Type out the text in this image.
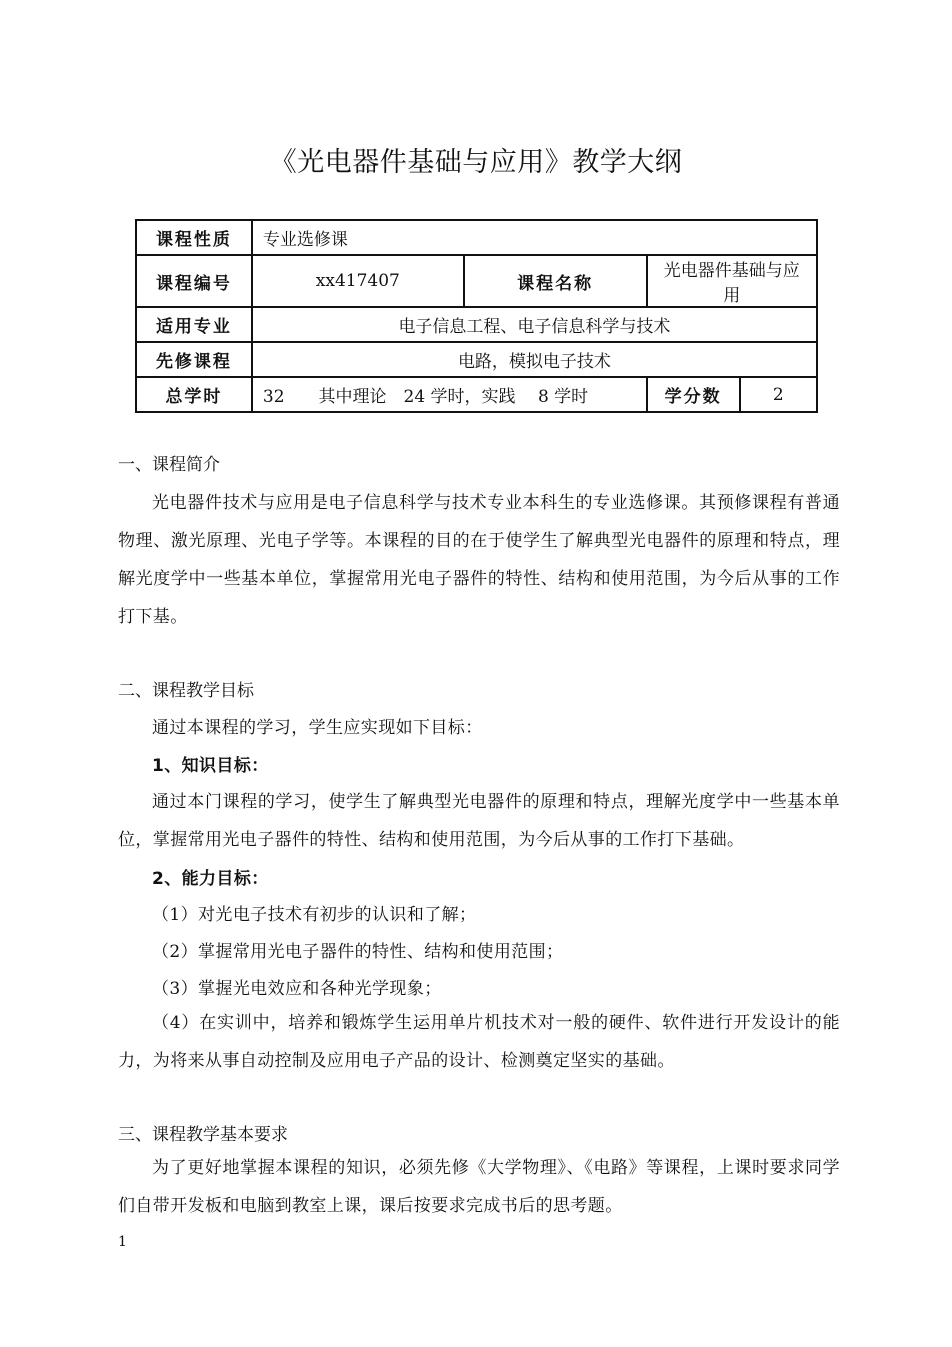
《光电器件基础与应用》教学大纲
课程性质	专业选修课			
课程编号	xx417407	课程名称	光电器件基础与应用	
适用专业	电子信息工程、电子信息科学与技术			
先修课程	电路，模拟电子技术			
总学时	32　　其中理论　24 学时，实践　 8 学时		学分数	2
一、课程简介
光电器件技术与应用是电子信息科学与技术专业本科生的专业选修课。其预修课程有普通物理、激光原理、光电子学等。本课程的目的在于使学生了解典型光电器件的原理和特点，理解光度学中一些基本单位，掌握常用光电子器件的特性、结构和使用范围，为今后从事的工作打下基。
二、课程教学目标
通过本课程的学习，学生应实现如下目标：
1、知识目标：
通过本门课程的学习，使学生了解典型光电器件的原理和特点，理解光度学中一些基本单位，掌握常用光电子器件的特性、结构和使用范围，为今后从事的工作打下基础。
2、能力目标：
（1）对光电子技术有初步的认识和了解；
（2）掌握常用光电子器件的特性、结构和使用范围；
（3）掌握光电效应和各种光学现象；
（4）在实训中，培养和锻炼学生运用单片机技术对一般的硬件、软件进行开发设计的能力，为将来从事自动控制及应用电子产品的设计、检测奠定坚实的基础。
三、课程教学基本要求
为了更好地掌握本课程的知识，必须先修《大学物理》、《电路》等课程，上课时要求同学们自带开发板和电脑到教室上课，课后按要求完成书后的思考题。
1
